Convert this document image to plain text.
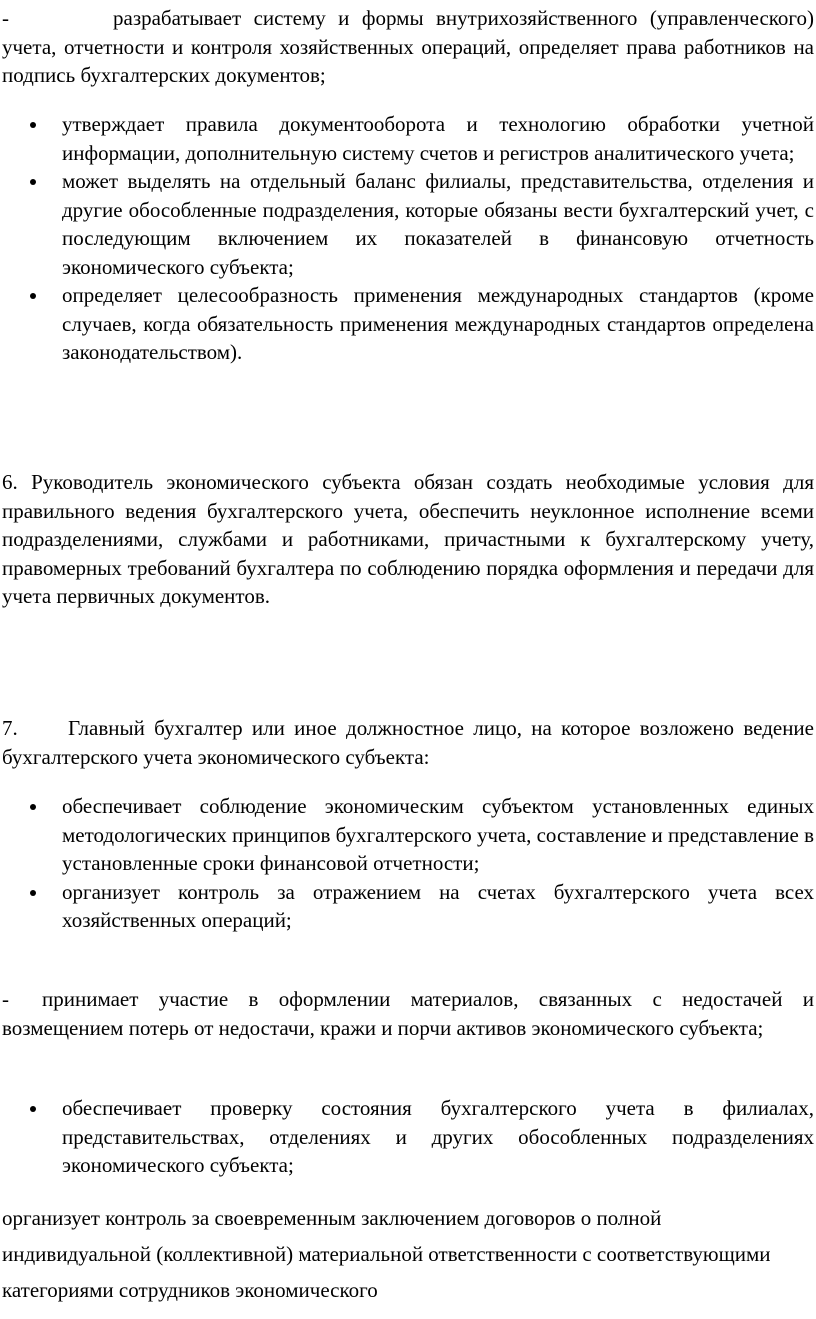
-	разрабатывает систему и формы внутрихозяйственного (управленческого) учета, отчетности и контроля хозяйственных операций, определяет права работников на подпись бухгалтерских документов;

утверждает правила документооборота и технологию обработки учетной информации, дополнительную систему счетов и регистров аналитического учета;
может выделять на отдельный баланс филиалы, представительства, отделения и другие обособленные подразделения, которые обязаны вести бухгалтерский учет, с последующим включением их показателей в финансовую отчетность экономического субъекта;
определяет целесообразность применения международных стандартов (кроме случаев, когда обязательность применения международных стандартов определена законодательством).

6. Руководитель экономического субъекта обязан создать необходимые условия для правильного ведения бухгалтерского учета, обеспечить неуклонное исполнение всеми подразделениями, службами и работниками, причастными к бухгалтерскому учету, правомерных требований бухгалтера по соблюдению порядка оформления и передачи для учета первичных документов.

7. Главный бухгалтер или иное должностное лицо, на которое возложено ведение бухгалтерского учета экономического субъекта:

обеспечивает соблюдение экономическим субъектом установленных единых методологических принципов бухгалтерского учета, составление и представление в установленные сроки финансовой отчетности;
организует контроль за отражением на счетах бухгалтерского учета всех хозяйственных операций;

- принимает участие в оформлении материалов, связанных с недостачей и возмещением потерь от недостачи, кражи и порчи активов экономического субъекта;

обеспечивает проверку состояния бухгалтерского учета в филиалах, представительствах, отделениях и других обособленных подразделениях экономического субъекта;

организует контроль за своевременным заключением договоров о полной индивидуальной (коллективной) материальной ответственности с соответствующими категориями сотрудников экономического
